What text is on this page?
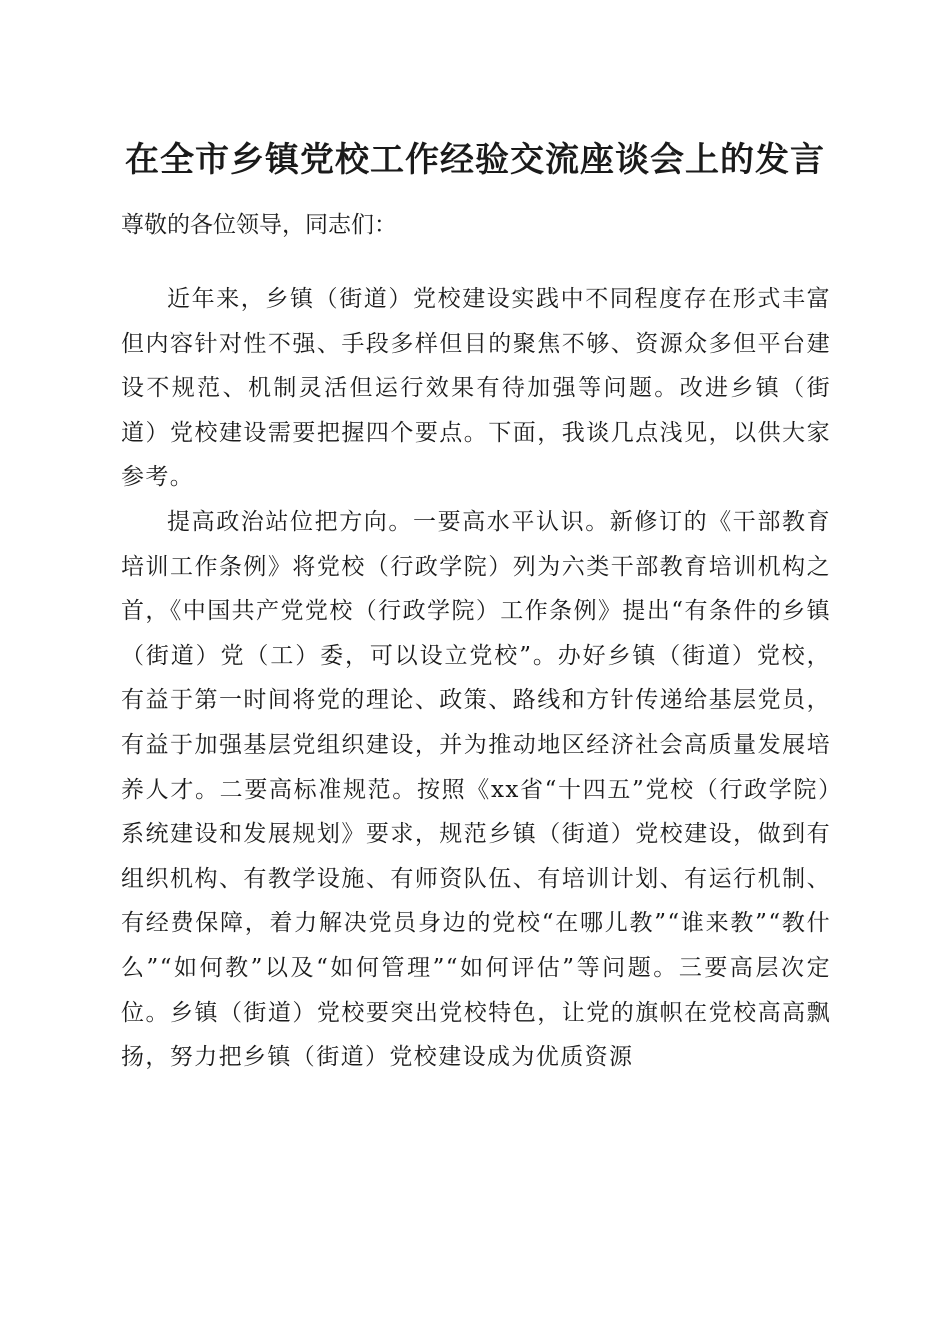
在全市乡镇党校工作经验交流座谈会上的发言

尊敬的各位领导，同志们：

近年来，乡镇（街道）党校建设实践中不同程度存在形式丰富但内容针对性不强、手段多样但目的聚焦不够、资源众多但平台建设不规范、机制灵活但运行效果有待加强等问题。改进乡镇（街道）党校建设需要把握四个要点。下面，我谈几点浅见，以供大家参考。

提高政治站位把方向。一要高水平认识。新修订的《干部教育培训工作条例》将党校（行政学院）列为六类干部教育培训机构之首，《中国共产党党校（行政学院）工作条例》提出“有条件的乡镇（街道）党（工）委，可以设立党校”。办好乡镇（街道）党校，有益于第一时间将党的理论、政策、路线和方针传递给基层党员，有益于加强基层党组织建设，并为推动地区经济社会高质量发展培养人才。二要高标准规范。按照《xx省“十四五”党校（行政学院）系统建设和发展规划》要求，规范乡镇（街道）党校建设，做到有组织机构、有教学设施、有师资队伍、有培训计划、有运行机制、有经费保障，着力解决党员身边的党校“在哪儿教”“谁来教”“教什么”“如何教”以及“如何管理”“如何评估”等问题。三要高层次定位。乡镇（街道）党校要突出党校特色，让党的旗帜在党校高高飘扬，努力把乡镇（街道）党校建设成为优质资源
